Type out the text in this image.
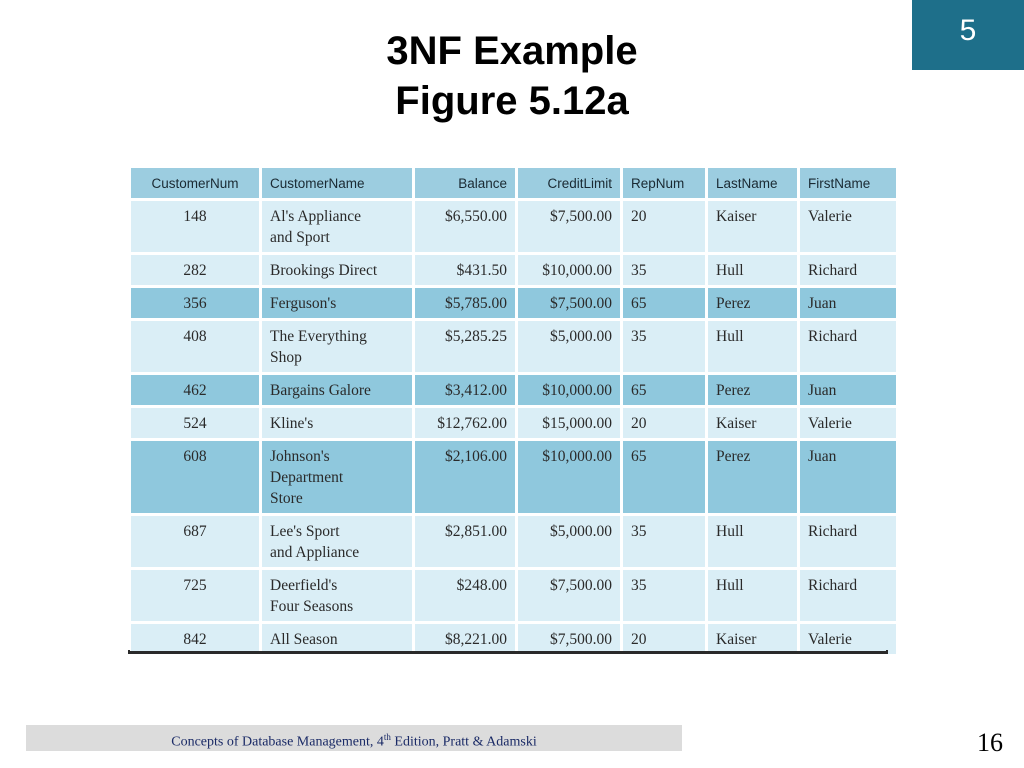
5
3NF Example
Figure 5.12a
CustomerNum	CustomerName	Balance	CreditLimit	RepNum	LastName	FirstName
148	Al's Appliance
and Sport	$6,550.00	$7,500.00	20	Kaiser	Valerie
282	Brookings Direct	$431.50	$10,000.00	35	Hull	Richard
356	Ferguson's	$5,785.00	$7,500.00	65	Perez	Juan
408	The Everything
Shop	$5,285.25	$5,000.00	35	Hull	Richard
462	Bargains Galore	$3,412.00	$10,000.00	65	Perez	Juan
524	Kline's	$12,762.00	$15,000.00	20	Kaiser	Valerie
608	Johnson's
Department
Store	$2,106.00	$10,000.00	65	Perez	Juan
687	Lee's Sport
and Appliance	$2,851.00	$5,000.00	35	Hull	Richard
725	Deerfield's
Four Seasons	$248.00	$7,500.00	35	Hull	Richard
842	All Season	$8,221.00	$7,500.00	20	Kaiser	Valerie
Concepts of Database Management, 4th Edition, Pratt & Adamski	16
